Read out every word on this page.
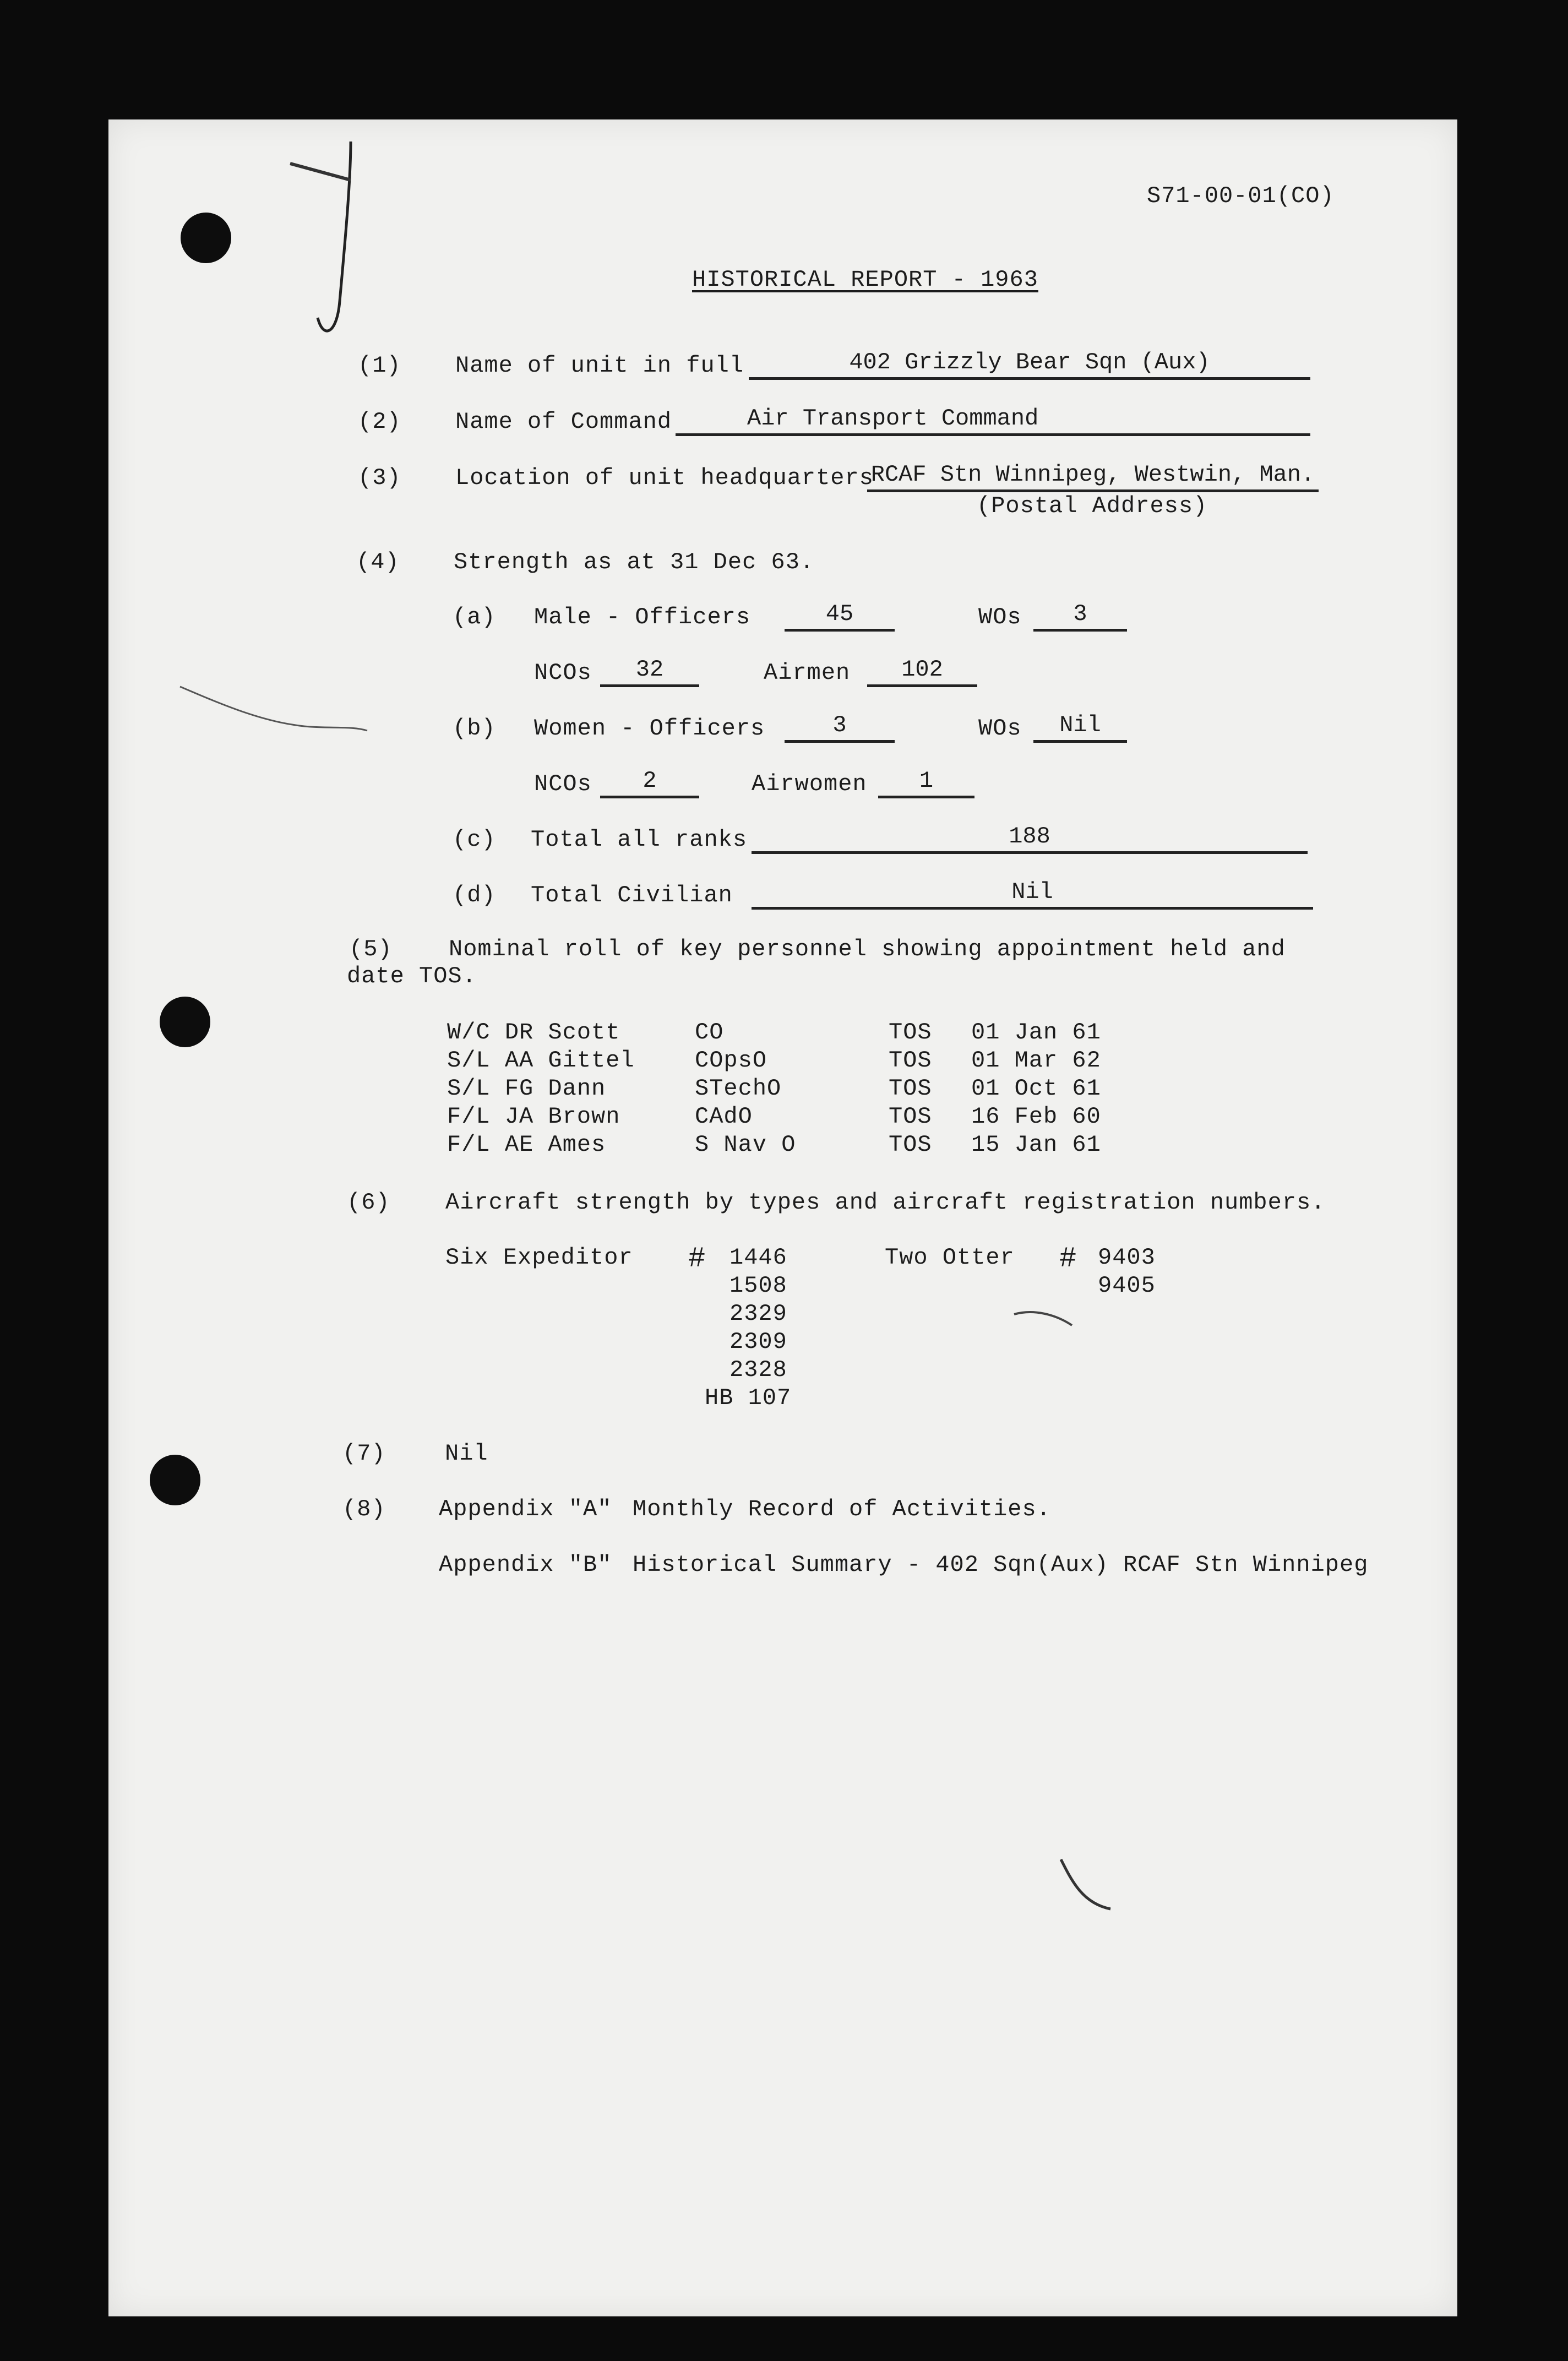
S71-00-01(CO)
HISTORICAL REPORT - 1963
(1) Name of unit in full	402 Grizzly Bear Sqn (Aux)
(2) Name of Command	Air Transport Command
(3) Location of unit headquarters
RCAF Stn Winnipeg, Westwin, Man.
(Postal Address)
(4) Strength as at 31 Dec 63.
(a) Male - Officers	45	WOs	3
NCOs	32	Airmen	102
(b) Women - Officers	3	WOs	Nil
NCOs	2	Airwomen	1
(c) Total all ranks	188
(d) Total Civilian	Nil
(5) Nominal roll of key personnel showing appointment held and
date TOS.
W/C DR Scott	CO	TOS 01 Jan 61
S/L AA Gittel	COpsO	TOS 01 Mar 62
S/L FG Dann	STechO	TOS 01 Oct 61
F/L JA Brown	CAdO	TOS 16 Feb 60
F/L AE Ames	S Nav O	TOS 15 Jan 61
(6) Aircraft strength by types and aircraft registration numbers.
Six Expeditor # 1446
1508
2329
2309
2328
HB 107
Two Otter # 9403
9405
(7)	Nil
(8) Appendix "A" Monthly Record of Activities.
Appendix "B" Historical Summary - 402 Sqn(Aux) RCAF Stn Winnipeg
